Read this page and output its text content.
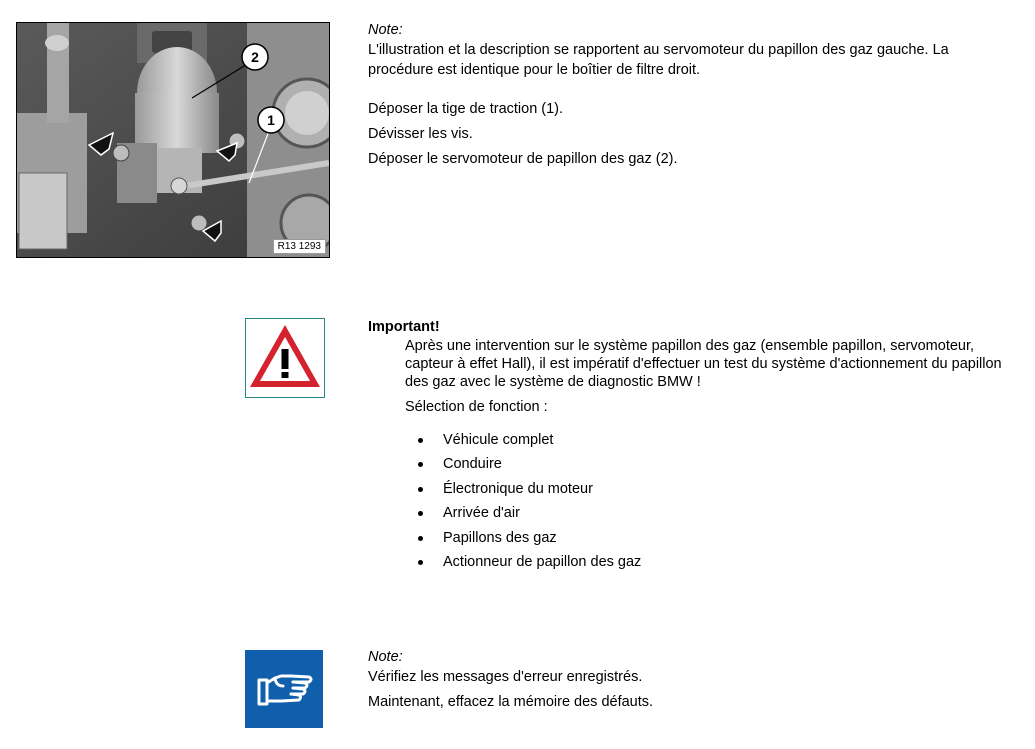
2
1
R13 1293
Note:
L'illustration et la description se rapportent au servomoteur du papillon des gaz gauche. La procédure est identique pour le boîtier de filtre droit.
Déposer la tige de traction (1).
Dévisser les vis.
Déposer le servomoteur de papillon des gaz (2).
Important!
Après une intervention sur le système papillon des gaz (ensemble papillon, servomoteur, capteur à effet Hall), il est impératif d'effectuer un test du système d'actionnement du papillon des gaz avec le système de diagnostic BMW !
Sélection de fonction :
Véhicule complet
Conduire
Électronique du moteur
Arrivée d'air
Papillons des gaz
Actionneur de papillon des gaz
Note:
Vérifiez les messages d'erreur enregistrés.
Maintenant, effacez la mémoire des défauts.
